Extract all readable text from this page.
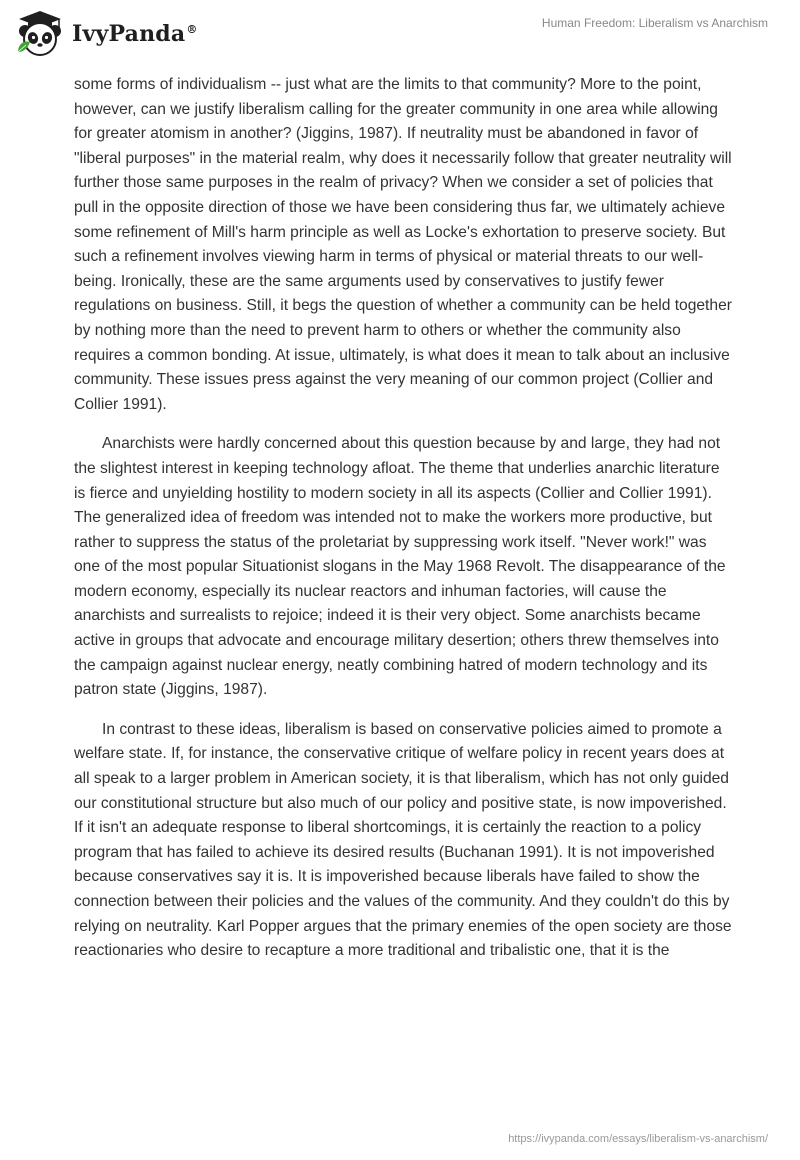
IvyPanda®	Human Freedom: Liberalism vs Anarchism

some forms of individualism -- just what are the limits to that community? More to the point, however, can we justify liberalism calling for the greater community in one area while allowing for greater atomism in another? (Jiggins, 1987). If neutrality must be abandoned in favor of "liberal purposes" in the material realm, why does it necessarily follow that greater neutrality will further those same purposes in the realm of privacy? When we consider a set of policies that pull in the opposite direction of those we have been considering thus far, we ultimately achieve some refinement of Mill's harm principle as well as Locke's exhortation to preserve society. But such a refinement involves viewing harm in terms of physical or material threats to our well-being. Ironically, these are the same arguments used by conservatives to justify fewer regulations on business. Still, it begs the question of whether a community can be held together by nothing more than the need to prevent harm to others or whether the community also requires a common bonding. At issue, ultimately, is what does it mean to talk about an inclusive community. These issues press against the very meaning of our common project (Collier and Collier 1991).

Anarchists were hardly concerned about this question because by and large, they had not the slightest interest in keeping technology afloat. The theme that underlies anarchic literature is fierce and unyielding hostility to modern society in all its aspects (Collier and Collier 1991). The generalized idea of freedom was intended not to make the workers more productive, but rather to suppress the status of the proletariat by suppressing work itself. "Never work!" was one of the most popular Situationist slogans in the May 1968 Revolt. The disappearance of the modern economy, especially its nuclear reactors and inhuman factories, will cause the anarchists and surrealists to rejoice; indeed it is their very object. Some anarchists became active in groups that advocate and encourage military desertion; others threw themselves into the campaign against nuclear energy, neatly combining hatred of modern technology and its patron state (Jiggins, 1987).

In contrast to these ideas, liberalism is based on conservative policies aimed to promote a welfare state. If, for instance, the conservative critique of welfare policy in recent years does at all speak to a larger problem in American society, it is that liberalism, which has not only guided our constitutional structure but also much of our policy and positive state, is now impoverished. If it isn't an adequate response to liberal shortcomings, it is certainly the reaction to a policy program that has failed to achieve its desired results (Buchanan 1991). It is not impoverished because conservatives say it is. It is impoverished because liberals have failed to show the connection between their policies and the values of the community. And they couldn't do this by relying on neutrality. Karl Popper argues that the primary enemies of the open society are those reactionaries who desire to recapture a more traditional and tribalistic one, that it is the

https://ivypanda.com/essays/liberalism-vs-anarchism/
